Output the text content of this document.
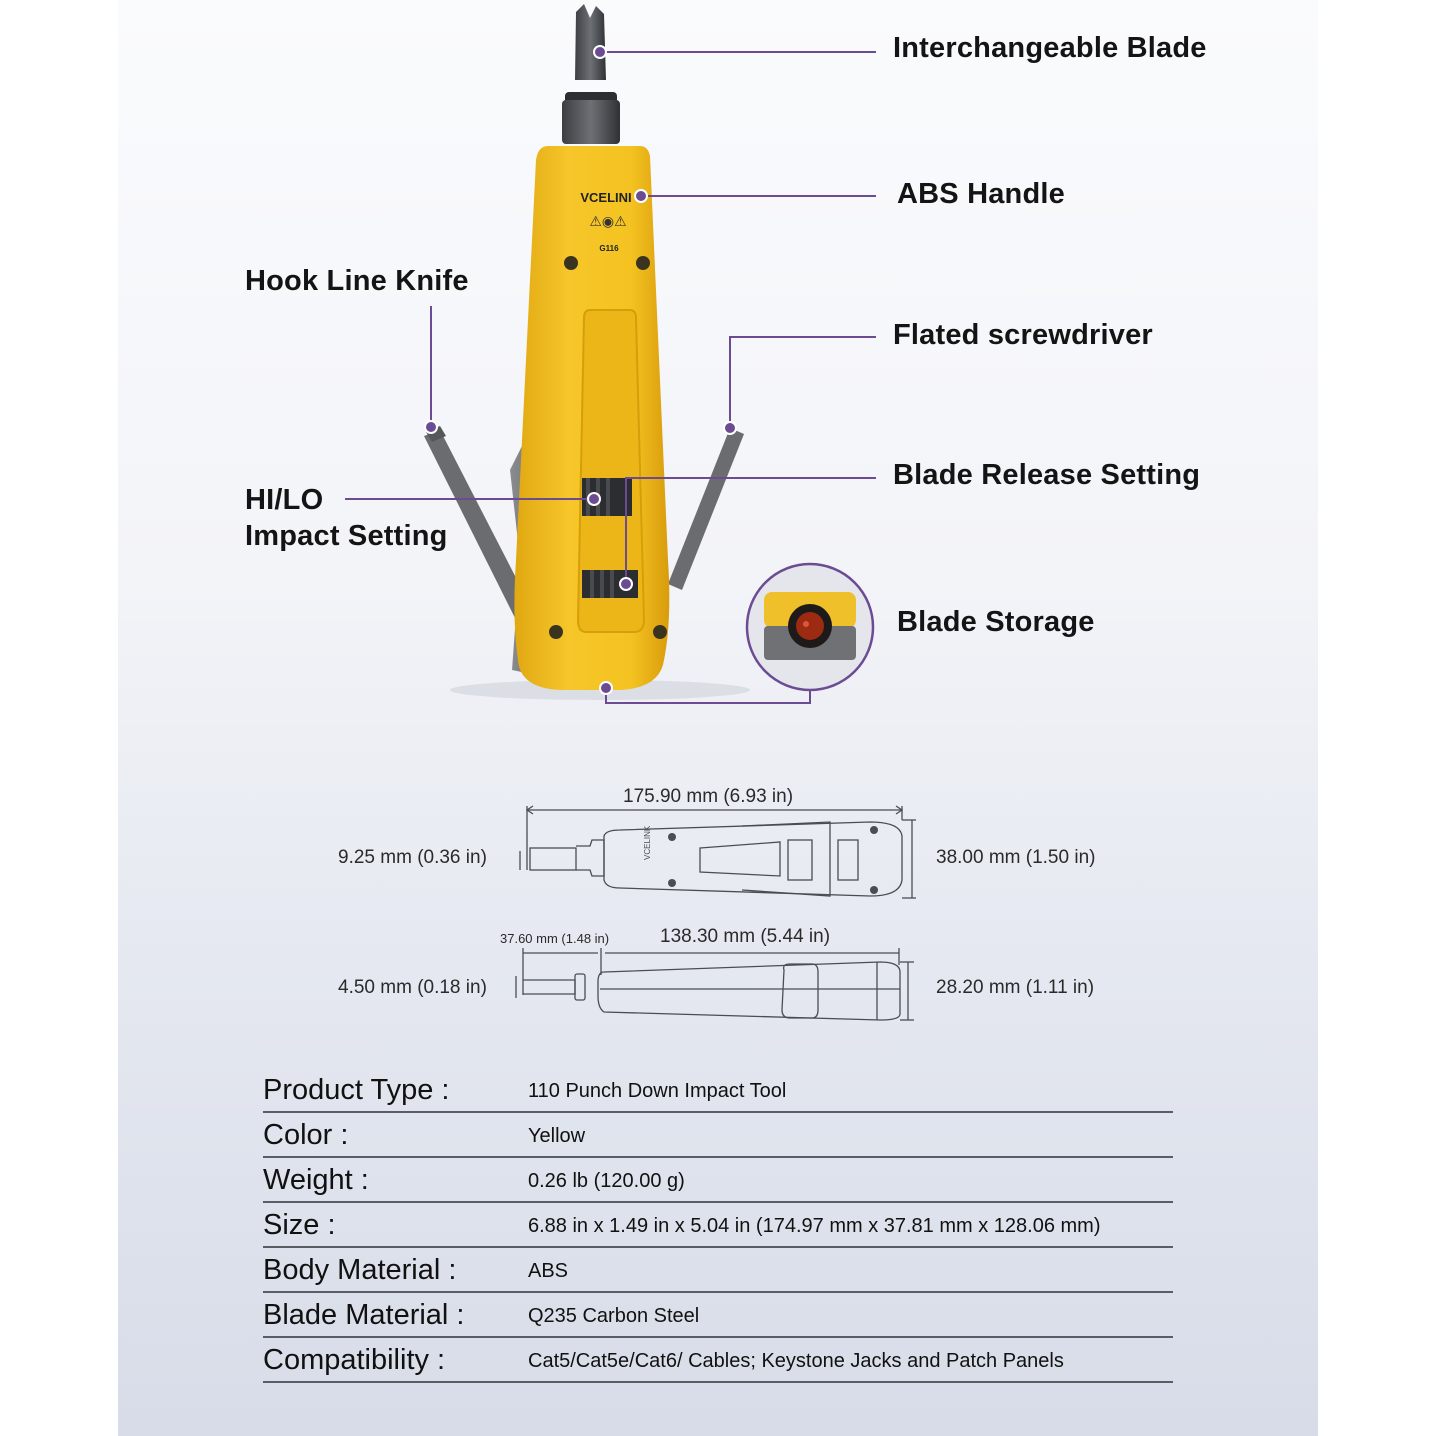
VCELINI
⚠◉⚠
G116
VCELINK
Interchangeable Blade
ABS Handle
Hook Line Knife
Flated screwdriver
HI/LO
Impact Setting
Blade Release Setting
Blade Storage
175.90 mm (6.93 in)
9.25 mm (0.36 in)	38.00 mm (1.50 in)
37.60 mm (1.48 in)	138.30 mm (5.44 in)
4.50 mm (0.18 in)	28.20 mm (1.11 in)
Product Type :	110 Punch Down Impact Tool
Color :	Yellow
Weight :	0.26 lb (120.00 g)
Size :	6.88 in x 1.49 in x 5.04 in (174.97 mm x 37.81 mm x 128.06 mm)
Body Material :	ABS
Blade Material :	Q235 Carbon Steel
Compatibility :	Cat5/Cat5e/Cat6/ Cables; Keystone Jacks and Patch Panels
